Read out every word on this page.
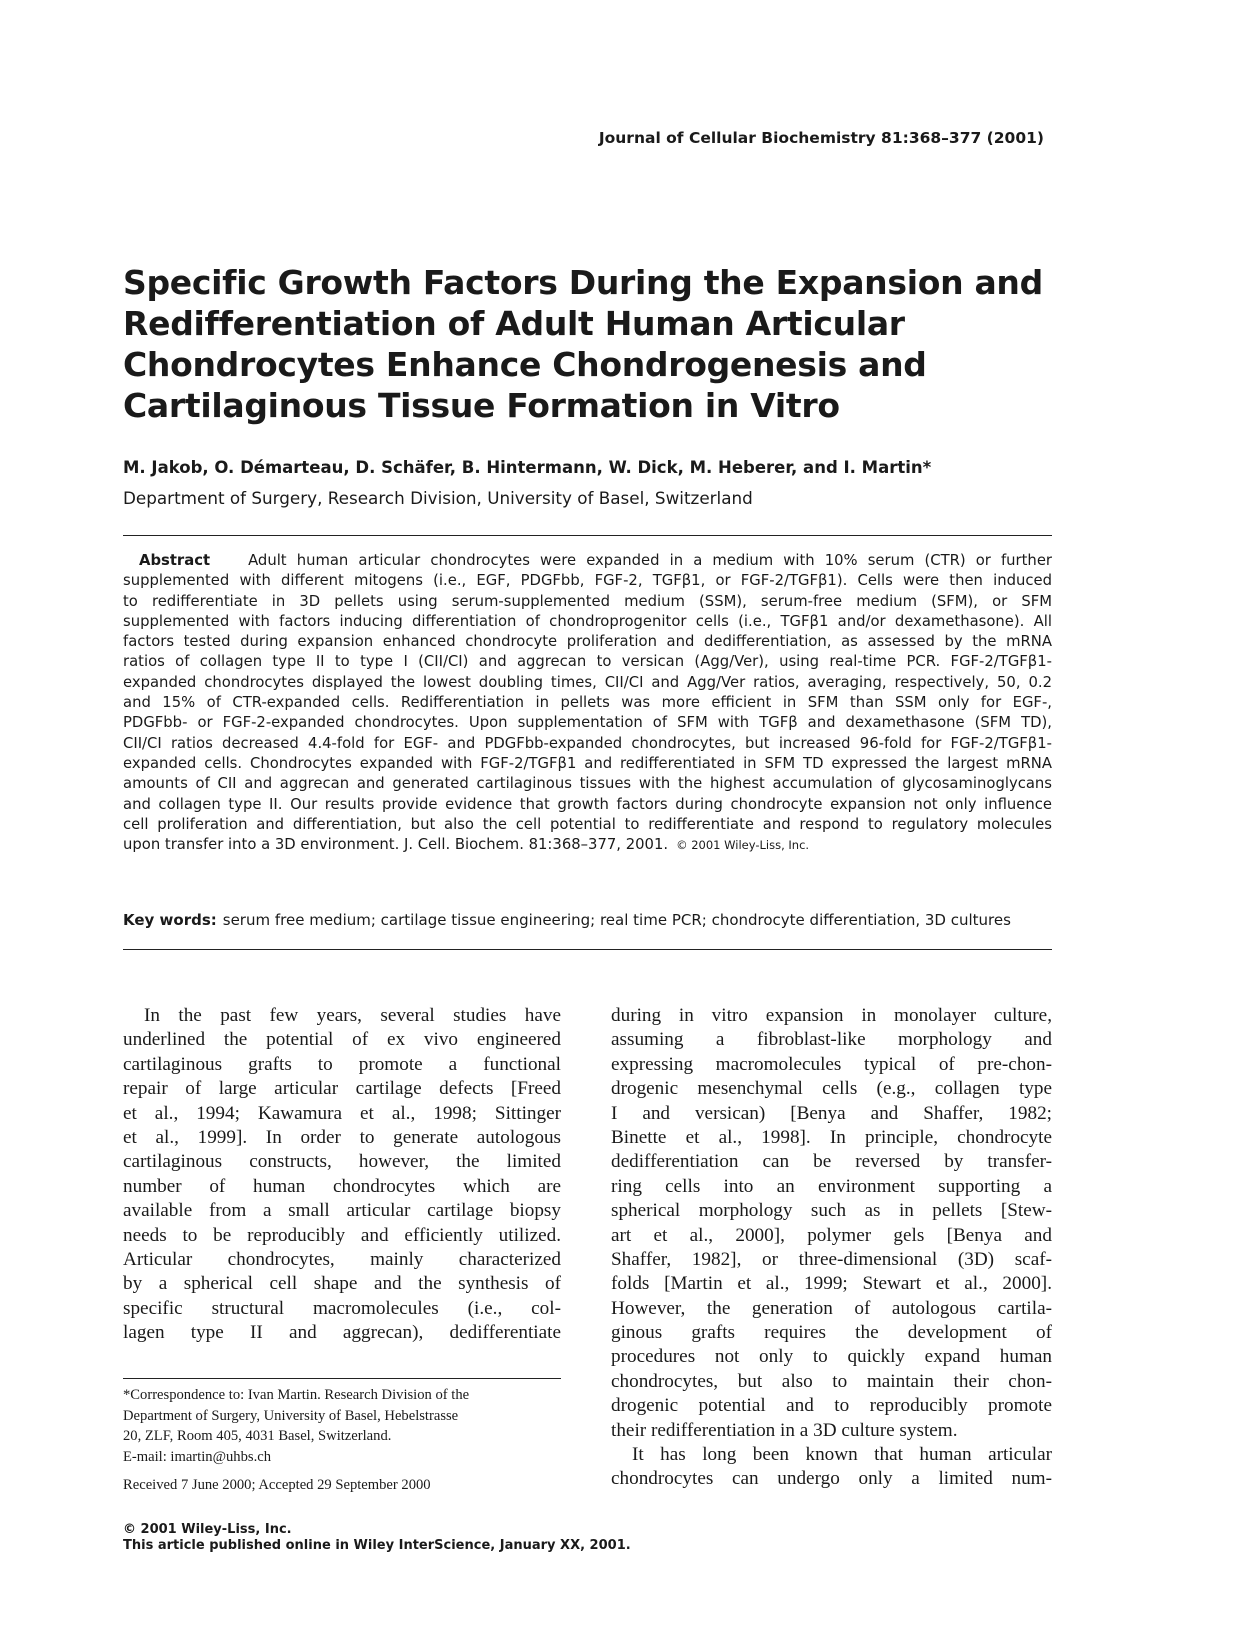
Journal of Cellular Biochemistry 81:368–377 (2001)
Specific Growth Factors During the Expansion and
Redifferentiation of Adult Human Articular
Chondrocytes Enhance Chondrogenesis and
Cartilaginous Tissue Formation in Vitro
M. Jakob, O. Démarteau, D. Schäfer, B. Hintermann, W. Dick, M. Heberer, and I. Martin*
Department of Surgery, Research Division, University of Basel, Switzerland
Abstract	Adult human articular chondrocytes were expanded in a medium with 10% serum (CTR) or further
supplemented with different mitogens (i.e., EGF, PDGFbb, FGF-2, TGFβ1, or FGF-2/TGFβ1). Cells were then induced
to redifferentiate in 3D pellets using serum-supplemented medium (SSM), serum-free medium (SFM), or SFM
supplemented with factors inducing differentiation of chondroprogenitor cells (i.e., TGFβ1 and/or dexamethasone). All
factors tested during expansion enhanced chondrocyte proliferation and dedifferentiation, as assessed by the mRNA
ratios of collagen type II to type I (CII/CI) and aggrecan to versican (Agg/Ver), using real-time PCR. FGF-2/TGFβ1-
expanded chondrocytes displayed the lowest doubling times, CII/CI and Agg/Ver ratios, averaging, respectively, 50, 0.2
and 15% of CTR-expanded cells. Redifferentiation in pellets was more efficient in SFM than SSM only for EGF-,
PDGFbb- or FGF-2-expanded chondrocytes. Upon supplementation of SFM with TGFβ and dexamethasone (SFM TD),
CII/CI ratios decreased 4.4-fold for EGF- and PDGFbb-expanded chondrocytes, but increased 96-fold for FGF-2/TGFβ1-
expanded cells. Chondrocytes expanded with FGF-2/TGFβ1 and redifferentiated in SFM TD expressed the largest mRNA
amounts of CII and aggrecan and generated cartilaginous tissues with the highest accumulation of glycosaminoglycans
and collagen type II. Our results provide evidence that growth factors during chondrocyte expansion not only influence
cell proliferation and differentiation, but also the cell potential to redifferentiate and respond to regulatory molecules
upon transfer into a 3D environment. J. Cell. Biochem. 81:368–377, 2001. © 2001 Wiley-Liss, Inc.
Key words: serum free medium; cartilage tissue engineering; real time PCR; chondrocyte differentiation, 3D cultures
In the past few years, several studies have
underlined the potential of ex vivo engineered
cartilaginous grafts to promote a functional
repair of large articular cartilage defects [Freed
et al., 1994; Kawamura et al., 1998; Sittinger
et al., 1999]. In order to generate autologous
cartilaginous constructs, however, the limited
number of human chondrocytes which are
available from a small articular cartilage biopsy
needs to be reproducibly and efficiently utilized.
Articular chondrocytes, mainly characterized
by a spherical cell shape and the synthesis of
specific structural macromolecules (i.e., col-
lagen type II and aggrecan), dedifferentiate
during in vitro expansion in monolayer culture,
assuming a fibroblast-like morphology and
expressing macromolecules typical of pre-chon-
drogenic mesenchymal cells (e.g., collagen type
I and versican) [Benya and Shaffer, 1982;
Binette et al., 1998]. In principle, chondrocyte
dedifferentiation can be reversed by transfer-
ring cells into an environment supporting a
spherical morphology such as in pellets [Stew-
art et al., 2000], polymer gels [Benya and
Shaffer, 1982], or three-dimensional (3D) scaf-
folds [Martin et al., 1999; Stewart et al., 2000].
However, the generation of autologous cartila-
ginous grafts requires the development of
procedures not only to quickly expand human
chondrocytes, but also to maintain their chon-
drogenic potential and to reproducibly promote
their redifferentiation in a 3D culture system.
It has long been known that human articular
chondrocytes can undergo only a limited num-
*Correspondence to: Ivan Martin. Research Division of the
Department of Surgery, University of Basel, Hebelstrasse
20, ZLF, Room 405, 4031 Basel, Switzerland.
E-mail: imartin@uhbs.ch
Received 7 June 2000; Accepted 29 September 2000
© 2001 Wiley-Liss, Inc.
This article published online in Wiley InterScience, January XX, 2001.
